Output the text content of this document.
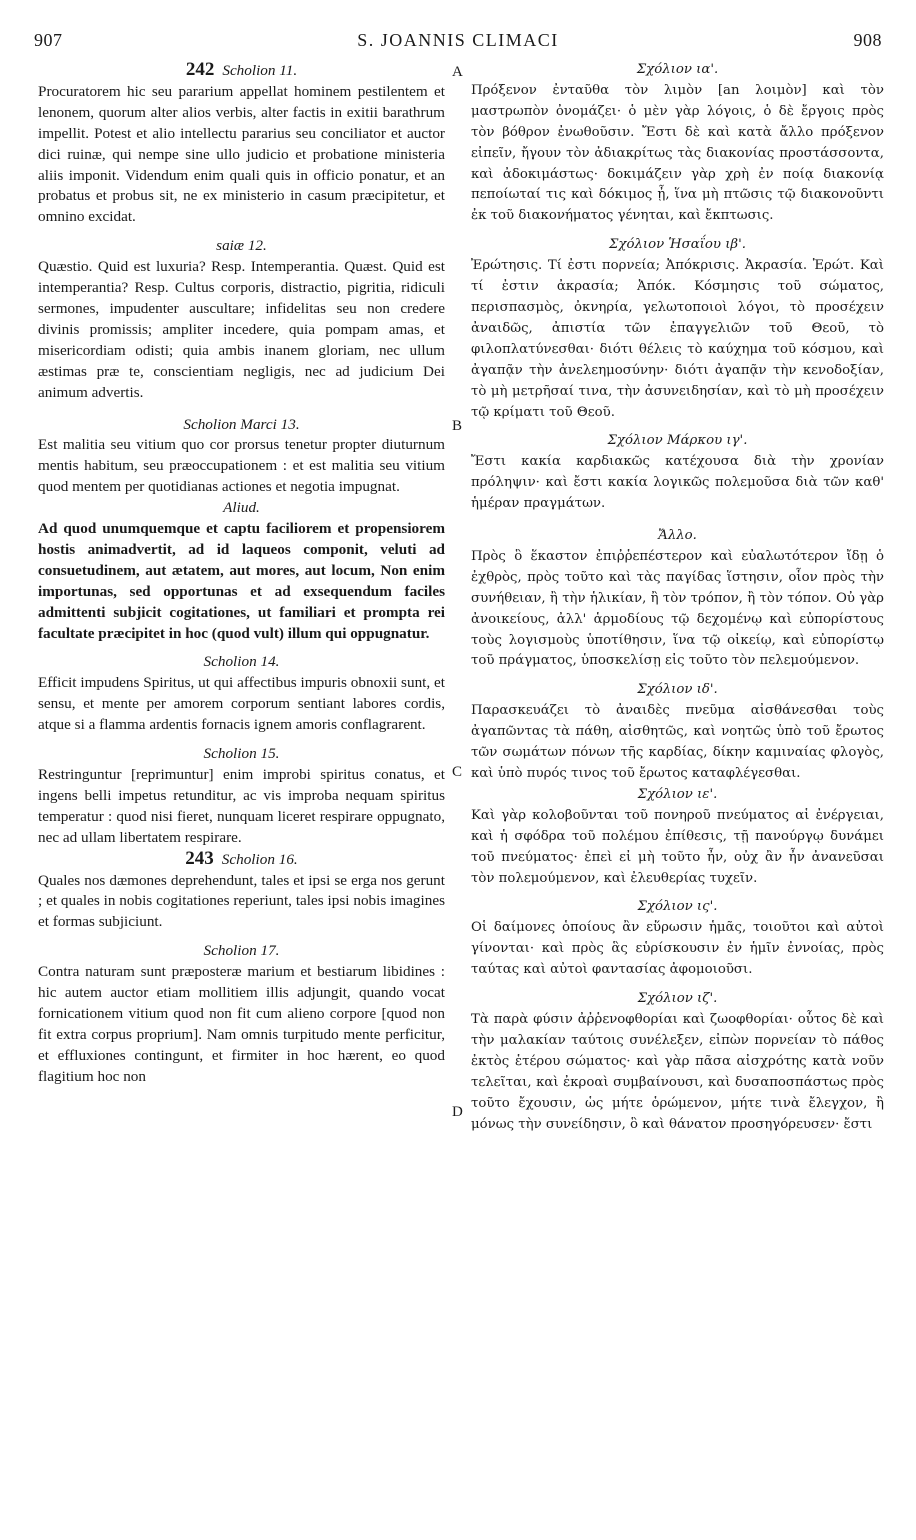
907	S. JOANNIS CLIMACI	908
A
B
C
D
242 Scholion 11.

Procuratorem hic seu pararium appellat hominem pestilentem et lenonem, quorum alter alios verbis, alter factis in exitii barathrum impellit. Potest et alio intellectu pararius seu conciliator et auctor dici ruinæ, qui nempe sine ullo judicio et probatione ministeria aliis imponit. Videndum enim quali quis in officio ponatur, et an probatus et probus sit, ne ex ministerio in casum præcipitetur, et omnino excidat.

saiæ 12.

Quæstio. Quid est luxuria? Resp. Intemperantia. Quæst. Quid est intemperantia? Resp. Cultus corporis, distractio, pigritia, ridiculi sermones, impudenter auscultare; infidelitas seu non credere divinis promissis; ampliter incedere, quia pompam amas, et misericordiam odisti; quia ambis inanem gloriam, nec ullum æstimas præ te, conscientiam negligis, nec ad judicium Dei animum advertis.

Scholion Marci 13.

Est malitia seu vitium quo cor prorsus tenetur propter diuturnum mentis habitum, seu præoccupationem : et est malitia seu vitium quod mentem per quotidianas actiones et negotia impugnat.

Aliud.

Ad quod unumquemque et captu faciliorem et propensiorem hostis animadvertit, ad id laqueos componit, veluti ad consuetudinem, aut ætatem, aut mores, aut locum, Non enim importunas, sed opportunas et ad exsequendum faciles admittenti subjicit cogitationes, ut familiari et prompta rei facultate præcipitet in hoc (quod vult) illum qui oppugnatur.

Scholion 14.

Efficit impudens Spiritus, ut qui affectibus impuris obnoxii sunt, et sensu, et mente per amorem corporum sentiant labores cordis, atque si a flamma ardentis fornacis ignem amoris conflagrarent.

Scholion 15.

Restringuntur [reprimuntur] enim improbi spiritus conatus, et ingens belli impetus retunditur, ac vis improba nequam spiritus temperatur : quod nisi fieret, nunquam liceret respirare oppugnato, nec ad ullam libertatem respirare.

243 Scholion 16.

Quales nos dæmones deprehendunt, tales et ipsi se erga nos gerunt ; et quales in nobis cogitationes reperiunt, tales ipsi nobis imagines et formas subjiciunt.

Scholion 17.

Contra naturam sunt præposteræ marium et bestiarum libidines : hic autem auctor etiam mollitiem illis adjungit, quando vocat fornicationem vitium quod non fit cum alieno corpore [quod non fit extra corpus proprium]. Nam omnis turpitudo mente perficitur, et effluxiones contingunt, et firmiter in hoc hærent, eo quod flagitium hoc non

Σχόλιον ια'.

Πρόξενον ἐνταῦθα τὸν λιμὸν [an λοιμὸν] καὶ τὸν μαστρωπὸν ὀνομάζει· ὁ μὲν γὰρ λόγοις, ὁ δὲ ἔργοις πρὸς τὸν βόθρον ἐνωθοῦσιν. Ἔστι δὲ καὶ κατὰ ἄλλο πρόξενον εἰπεῖν, ἤγουν τὸν ἀδιακρίτως τὰς διακονίας προστάσσοντα, καὶ ἀδοκιμάστως· δοκιμάζειν γὰρ χρὴ ἐν ποίᾳ διακονίᾳ πεποίωταί τις καὶ δόκιμος ᾖ, ἵνα μὴ πτῶσις τῷ διακονοῦντι ἐκ τοῦ διακονήματος γένηται, καὶ ἔκπτωσις.

Σχόλιον Ἡσαΐου ιβ'.

Ἐρώτησις. Τί ἐστι πορνεία; Ἀπόκρισις. Ἀκρασία. Ἐρώτ. Καὶ τί ἐστιν ἀκρασία; Ἀπόκ. Κόσμησις τοῦ σώματος, περισπασμὸς, ὀκνηρία, γελωτοποιοὶ λόγοι, τὸ προσέχειν ἀναιδῶς, ἀπιστία τῶν ἐπαγγελιῶν τοῦ Θεοῦ, τὸ φιλοπλατύνεσθαι· διότι θέλεις τὸ καύχημα τοῦ κόσμου, καὶ ἀγαπᾷν τὴν ἀνελεημοσύνην· διότι ἀγαπᾷν τὴν κενοδοξίαν, τὸ μὴ μετρῆσαί τινα, τὴν ἀσυνειδησίαν, καὶ τὸ μὴ προσέχειν τῷ κρίματι τοῦ Θεοῦ.

Σχόλιον Μάρκου ιγ'.

Ἔστι κακία καρδιακῶς κατέχουσα διὰ τὴν χρονίαν πρόληψιν· καὶ ἔστι κακία λογικῶς πολεμοῦσα διὰ τῶν καθ' ἡμέραν πραγμάτων.

Ἄλλο.

Πρὸς ὃ ἕκαστον ἐπιῤῥεπέστερον καὶ εὐαλωτότερον ἴδῃ ὁ ἐχθρὸς, πρὸς τοῦτο καὶ τὰς παγίδας ἵστησιν, οἷον πρὸς τὴν συνήθειαν, ἢ τὴν ἡλικίαν, ἢ τὸν τρόπον, ἢ τὸν τόπον. Οὐ γὰρ ἀνοικείους, ἀλλ' ἁρμοδίους τῷ δεχομένῳ καὶ εὐπορίστους τοὺς λογισμοὺς ὑποτίθησιν, ἵνα τῷ οἰκείῳ, καὶ εὐπορίστῳ τοῦ πράγματος, ὑποσκελίσῃ εἰς τοῦτο τὸν πελεμούμενον.

Σχόλιον ιδ'.

Παρασκευάζει τὸ ἀναιδὲς πνεῦμα αἰσθάνεσθαι τοὺς ἀγαπῶντας τὰ πάθη, αἰσθητῶς, καὶ νοητῶς ὑπὸ τοῦ ἔρωτος τῶν σωμάτων πόνων τῆς καρδίας, δίκην καμιναίας φλογὸς, καὶ ὑπὸ πυρός τινος τοῦ ἔρωτος καταφλέγεσθαι.

Σχόλιον ιε'.

Καὶ γὰρ κολοβοῦνται τοῦ πονηροῦ πνεύματος αἱ ἐνέργειαι, καὶ ἡ σφόδρα τοῦ πολέμου ἐπίθεσις, τῇ πανούργῳ δυνάμει τοῦ πνεύματος· ἐπεὶ εἰ μὴ τοῦτο ἦν, οὐχ ἂν ἦν ἀνανεῦσαι τὸν πολεμούμενον, καὶ ἐλευθερίας τυχεῖν.

Σχόλιον ις'.

Οἱ δαίμονες ὁποίους ἂν εὕρωσιν ἡμᾶς, τοιοῦτοι καὶ αὐτοὶ γίνονται· καὶ πρὸς ἃς εὑρίσκουσιν ἐν ἡμῖν ἐννοίας, πρὸς ταύτας καὶ αὐτοὶ φαντασίας ἀφομοιοῦσι.

Σχόλιον ιζ'.

Τὰ παρὰ φύσιν ἀῤῥενοφθορίαι καὶ ζωοφθορίαι· οὗτος δὲ καὶ τὴν μαλακίαν ταύτοις συνέλεξεν, εἰπὼν πορνείαν τὸ πάθος ἐκτὸς ἑτέρου σώματος· καὶ γὰρ πᾶσα αἰσχρότης κατὰ νοῦν τελεῖται, καὶ ἐκροαὶ συμβαίνουσι, καὶ δυσαποσπάστως πρὸς τοῦτο ἔχουσιν, ὡς μήτε ὁρώμενον, μήτε τινὰ ἔλεγχον, ἢ μόνως τὴν συνείδησιν, ὃ καὶ θάνατον προσηγόρευσεν· ἔστι
